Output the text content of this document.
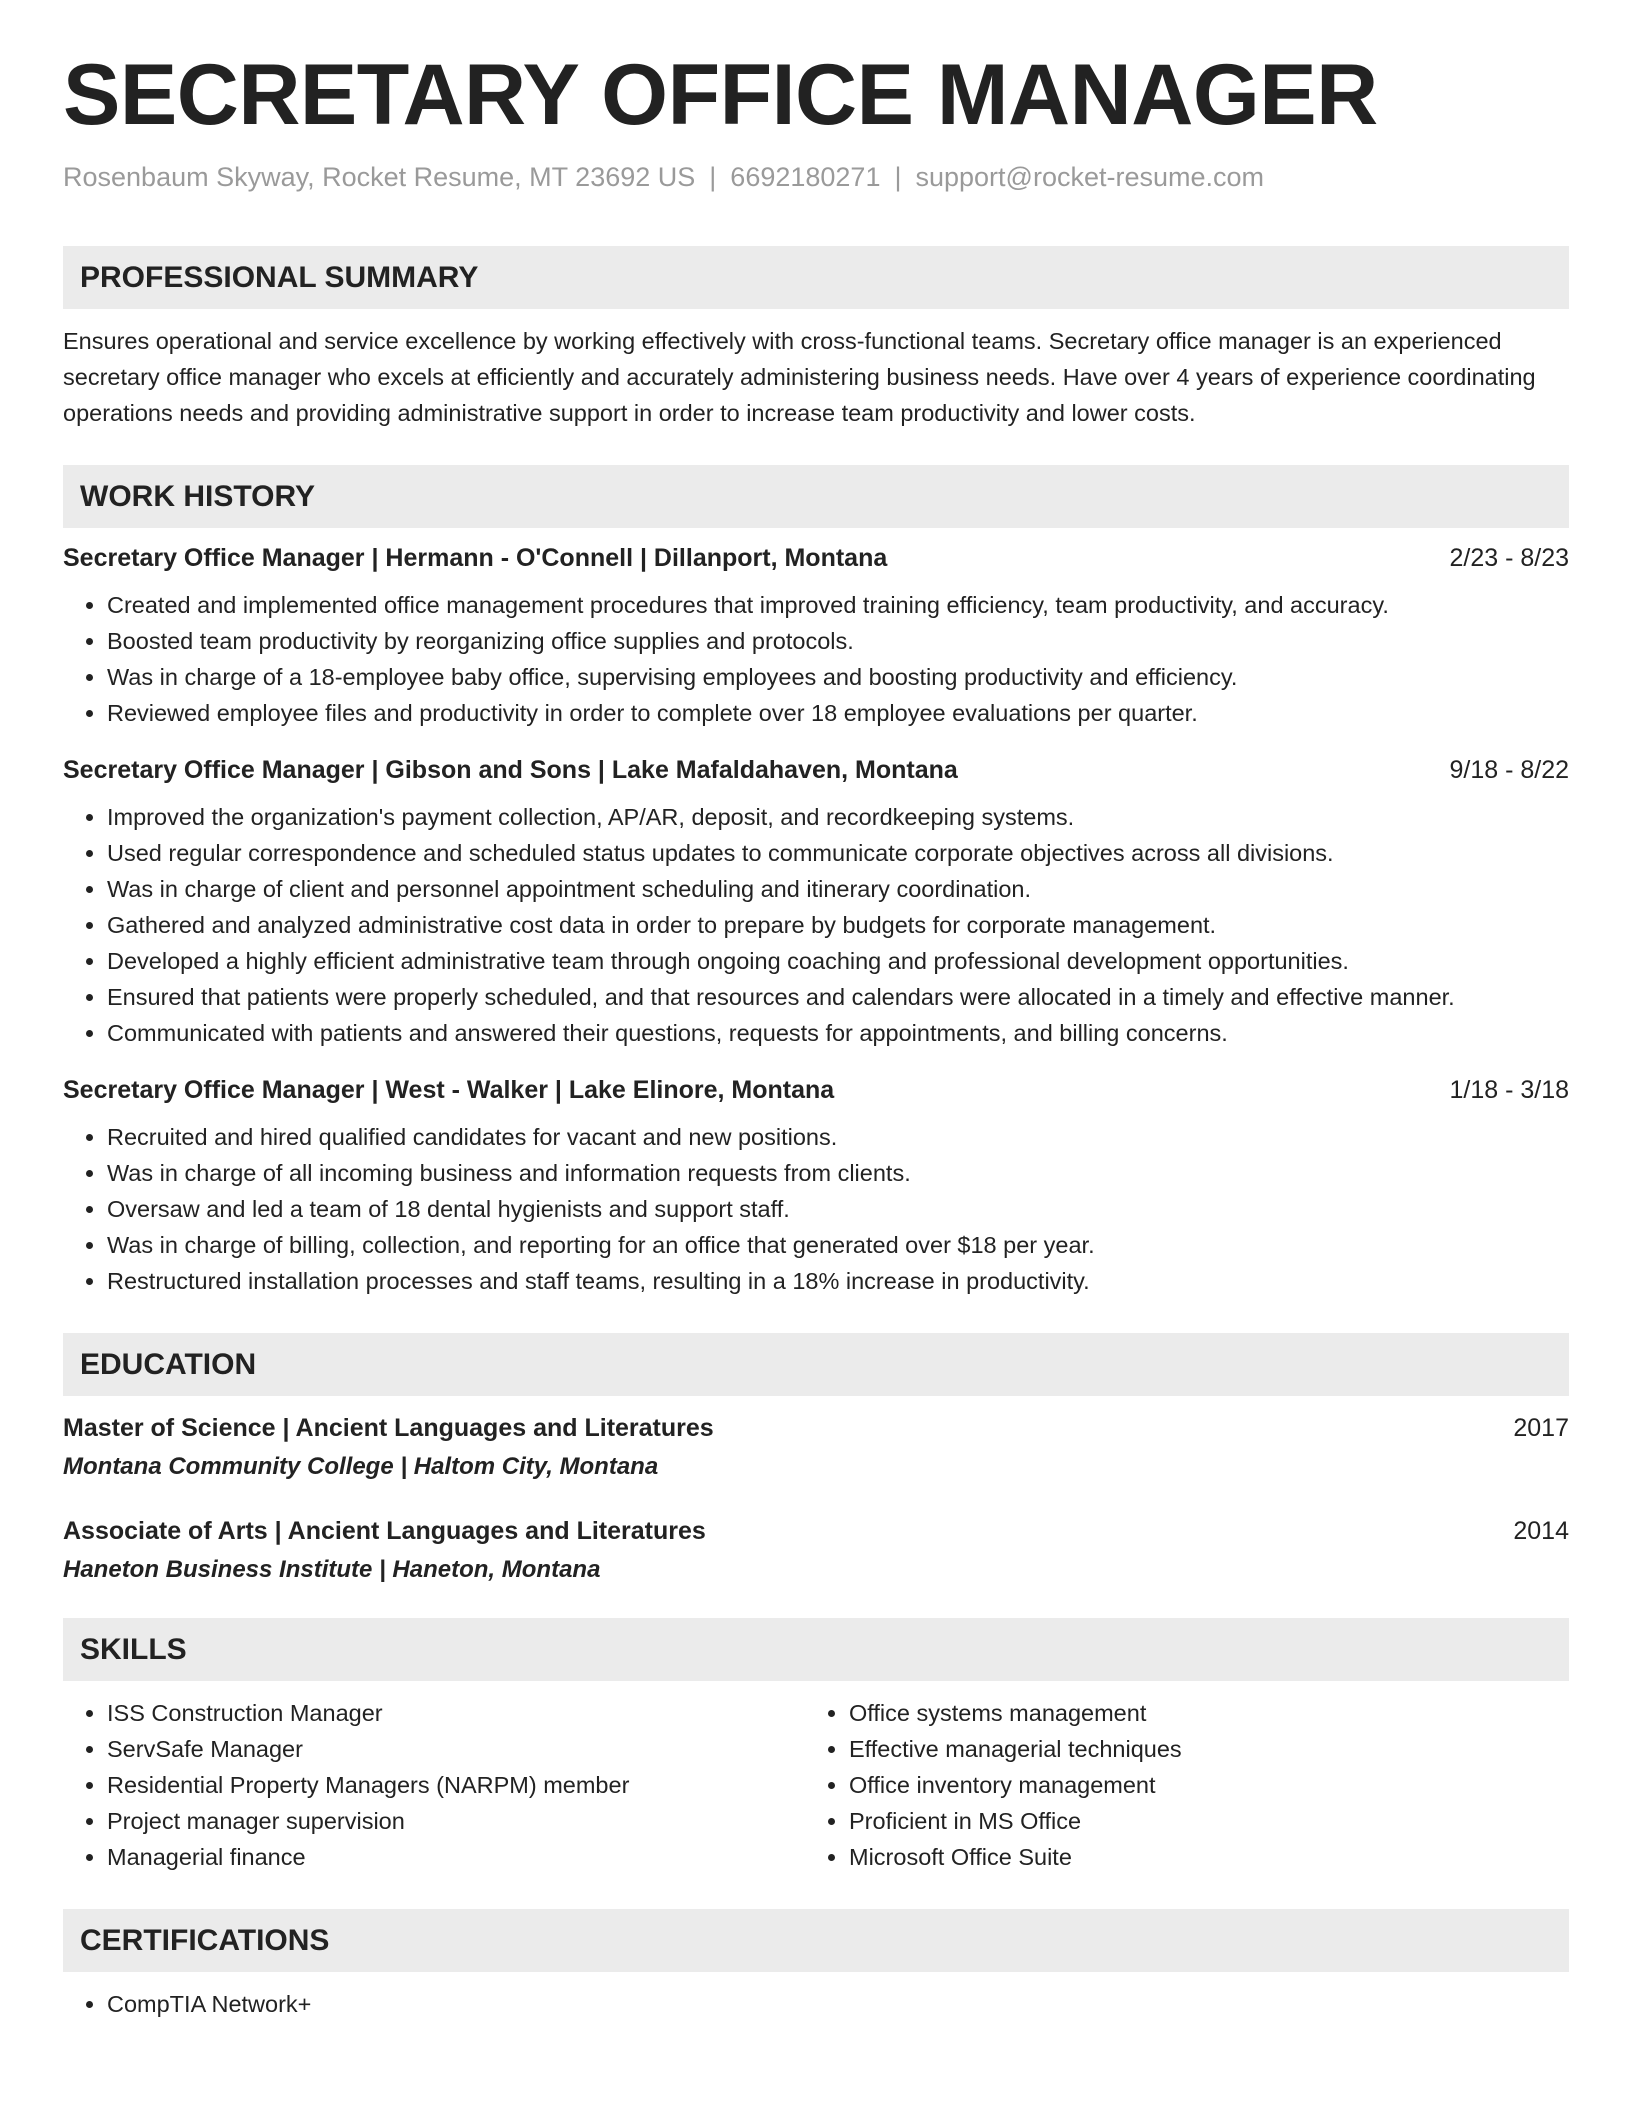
SECRETARY OFFICE MANAGER
Rosenbaum Skyway, Rocket Resume, MT 23692 US | 6692180271 | support@rocket-resume.com
PROFESSIONAL SUMMARY
Ensures operational and service excellence by working effectively with cross-functional teams. Secretary office manager is an experienced secretary office manager who excels at efficiently and accurately administering business needs. Have over 4 years of experience coordinating operations needs and providing administrative support in order to increase team productivity and lower costs.
WORK HISTORY
Secretary Office Manager | Hermann - O'Connell | Dillanport, Montana	2/23 - 8/23
• Created and implemented office management procedures that improved training efficiency, team productivity, and accuracy.
• Boosted team productivity by reorganizing office supplies and protocols.
• Was in charge of a 18-employee baby office, supervising employees and boosting productivity and efficiency.
• Reviewed employee files and productivity in order to complete over 18 employee evaluations per quarter.
Secretary Office Manager | Gibson and Sons | Lake Mafaldahaven, Montana	9/18 - 8/22
• Improved the organization's payment collection, AP/AR, deposit, and recordkeeping systems.
• Used regular correspondence and scheduled status updates to communicate corporate objectives across all divisions.
• Was in charge of client and personnel appointment scheduling and itinerary coordination.
• Gathered and analyzed administrative cost data in order to prepare by budgets for corporate management.
• Developed a highly efficient administrative team through ongoing coaching and professional development opportunities.
• Ensured that patients were properly scheduled, and that resources and calendars were allocated in a timely and effective manner.
• Communicated with patients and answered their questions, requests for appointments, and billing concerns.
Secretary Office Manager | West - Walker | Lake Elinore, Montana	1/18 - 3/18
• Recruited and hired qualified candidates for vacant and new positions.
• Was in charge of all incoming business and information requests from clients.
• Oversaw and led a team of 18 dental hygienists and support staff.
• Was in charge of billing, collection, and reporting for an office that generated over $18 per year.
• Restructured installation processes and staff teams, resulting in a 18% increase in productivity.
EDUCATION
Master of Science | Ancient Languages and Literatures	2017
Montana Community College | Haltom City, Montana
Associate of Arts | Ancient Languages and Literatures	2014
Haneton Business Institute | Haneton, Montana
SKILLS
• ISS Construction Manager
• ServSafe Manager
• Residential Property Managers (NARPM) member
• Project manager supervision
• Managerial finance
• Office systems management
• Effective managerial techniques
• Office inventory management
• Proficient in MS Office
• Microsoft Office Suite
CERTIFICATIONS
• CompTIA Network+
